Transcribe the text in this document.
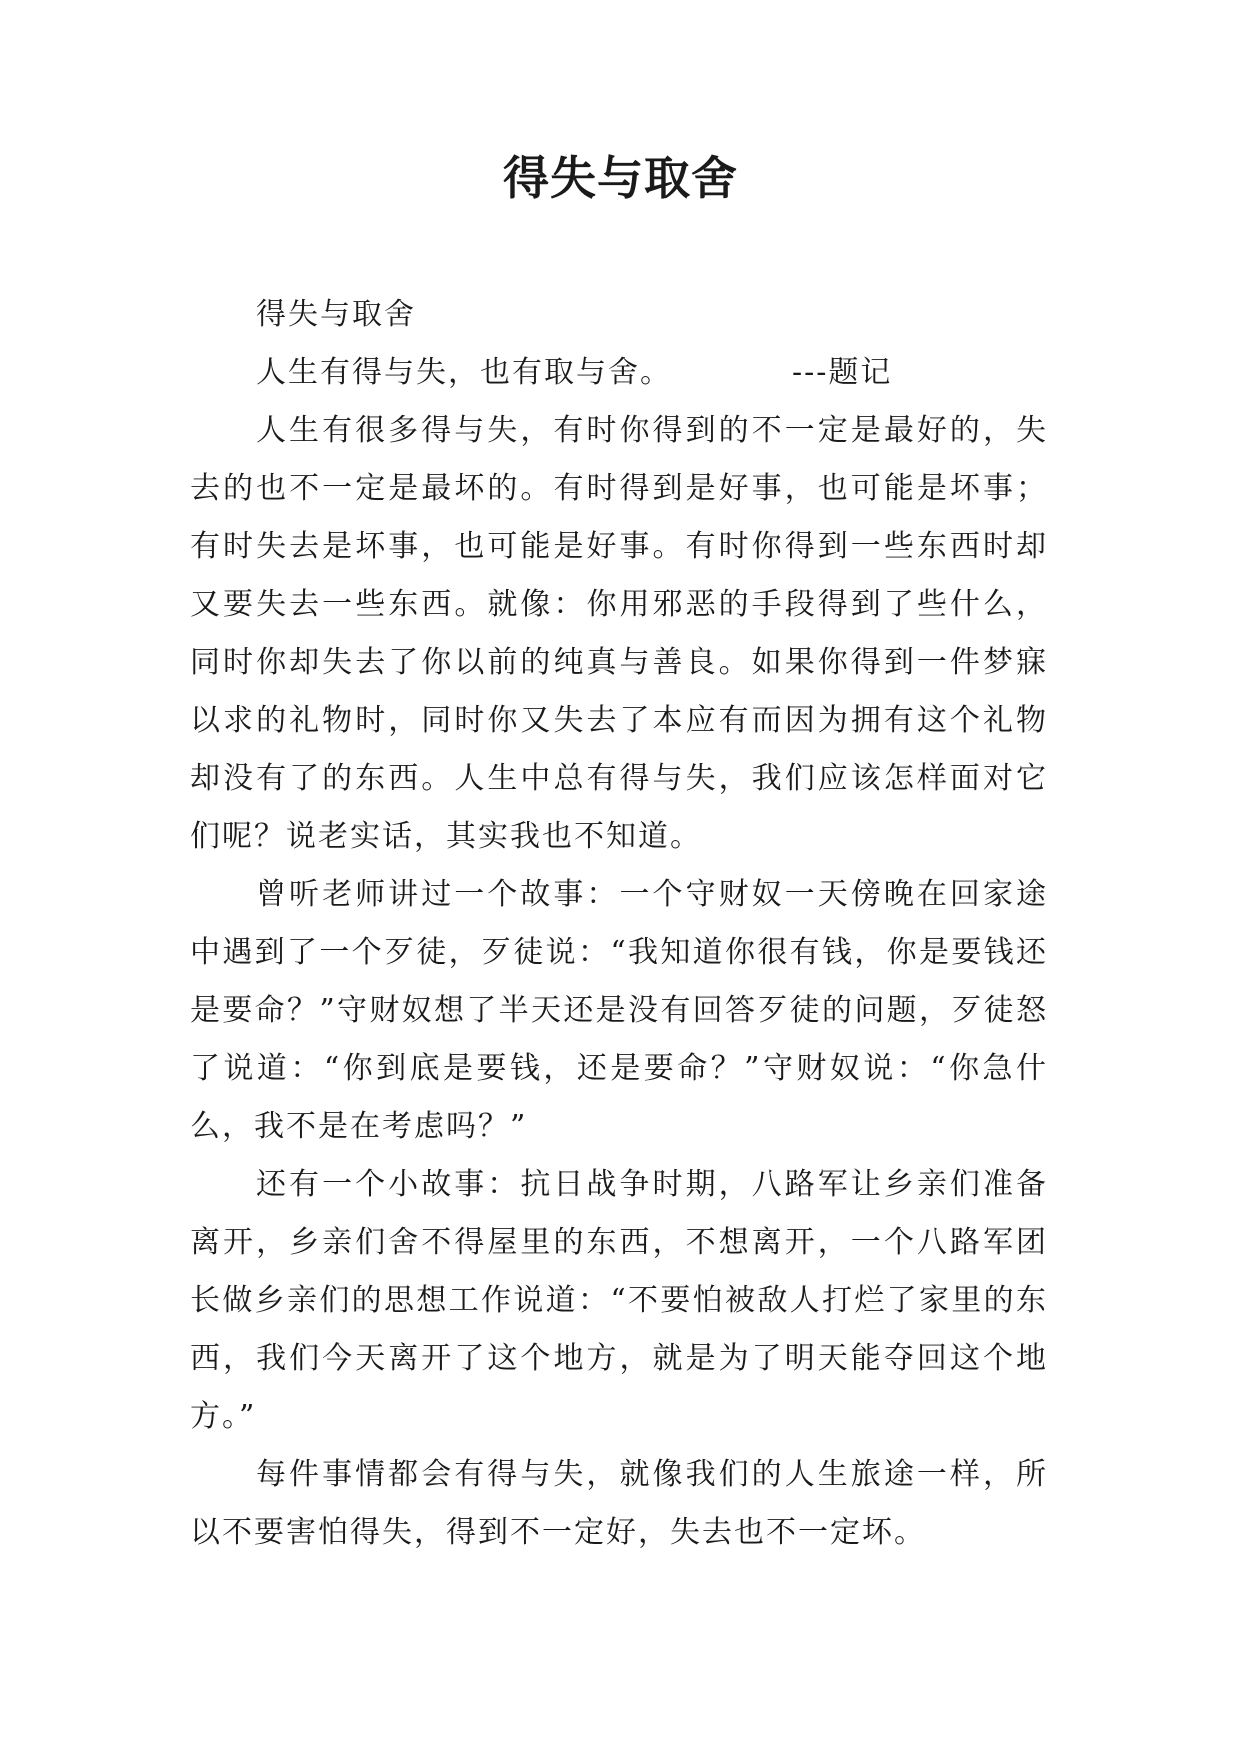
得失与取舍

得失与取舍

人生有得与失，也有取与舍。	---题记

人生有很多得与失，有时你得到的不一定是最好的，失去的也不一定是最坏的。有时得到是好事，也可能是坏事；有时失去是坏事，也可能是好事。有时你得到一些东西时却又要失去一些东西。就像：你用邪恶的手段得到了些什么，同时你却失去了你以前的纯真与善良。如果你得到一件梦寐以求的礼物时，同时你又失去了本应有而因为拥有这个礼物却没有了的东西。人生中总有得与失，我们应该怎样面对它们呢？说老实话，其实我也不知道。

曾听老师讲过一个故事：一个守财奴一天傍晚在回家途中遇到了一个歹徒，歹徒说：“我知道你很有钱，你是要钱还是要命？”守财奴想了半天还是没有回答歹徒的问题，歹徒怒了说道：“你到底是要钱，还是要命？”守财奴说：“你急什么，我不是在考虑吗？”

还有一个小故事：抗日战争时期，八路军让乡亲们准备离开，乡亲们舍不得屋里的东西，不想离开，一个八路军团长做乡亲们的思想工作说道：“不要怕被敌人打烂了家里的东西，我们今天离开了这个地方，就是为了明天能夺回这个地方。”

每件事情都会有得与失，就像我们的人生旅途一样，所以不要害怕得失，得到不一定好，失去也不一定坏。
